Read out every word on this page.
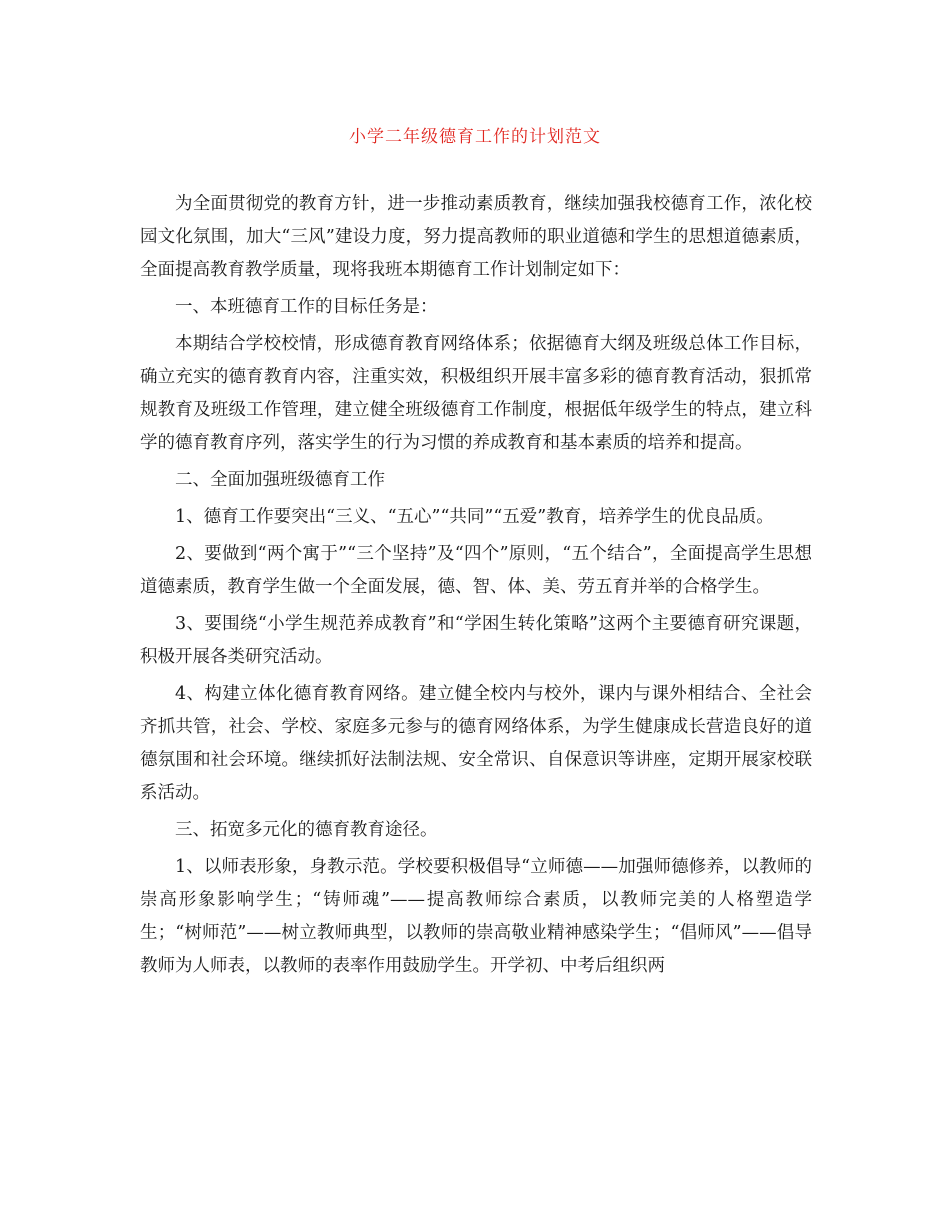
小学二年级德育工作的计划范文

为全面贯彻党的教育方针，进一步推动素质教育，继续加强我校德育工作，浓化校园文化氛围，加大“三风”建设力度，努力提高教师的职业道德和学生的思想道德素质，全面提高教育教学质量，现将我班本期德育工作计划制定如下：

一、本班德育工作的目标任务是：

本期结合学校校情，形成德育教育网络体系；依据德育大纲及班级总体工作目标，确立充实的德育教育内容，注重实效，积极组织开展丰富多彩的德育教育活动，狠抓常规教育及班级工作管理，建立健全班级德育工作制度，根据低年级学生的特点，建立科学的德育教育序列，落实学生的行为习惯的养成教育和基本素质的培养和提高。

二、全面加强班级德育工作

1、德育工作要突出“三义、“五心”“共同”“五爱”教育，培养学生的优良品质。

2、要做到“两个寓于”“三个坚持”及“四个”原则，“五个结合”，全面提高学生思想道德素质，教育学生做一个全面发展，德、智、体、美、劳五育并举的合格学生。

3、要围绕“小学生规范养成教育”和“学困生转化策略”这两个主要德育研究课题，积极开展各类研究活动。

4、构建立体化德育教育网络。建立健全校内与校外，课内与课外相结合、全社会齐抓共管，社会、学校、家庭多元参与的德育网络体系，为学生健康成长营造良好的道德氛围和社会环境。继续抓好法制法规、安全常识、自保意识等讲座，定期开展家校联系活动。

三、拓宽多元化的德育教育途径。

1、以师表形象，身教示范。学校要积极倡导“立师德——加强师德修养，以教师的崇高形象影响学生；“铸师魂”——提高教师综合素质，以教师完美的人格塑造学生；“树师范”——树立教师典型，以教师的崇高敬业精神感染学生；“倡师风”——倡导教师为人师表，以教师的表率作用鼓励学生。开学初、中考后组织两
